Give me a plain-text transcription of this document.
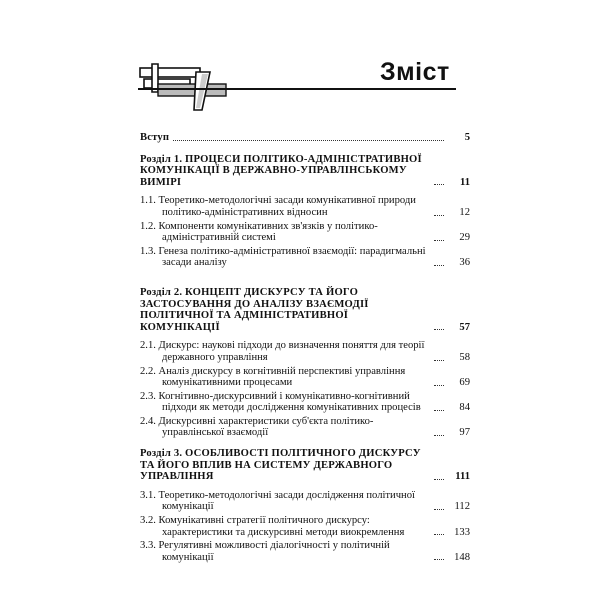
Зміст
Вступ	5
Розділ 1. ПРОЦЕСИ ПОЛІТИКО-АДМІНІСТРАТИВНОЇ КОМУНІКАЦІЇ В ДЕРЖАВНО-УПРАВЛІНСЬКОМУ ВИМІРІ	11
1.1. Теоретико-методологічні засади комунікативної природи політико-адміністративних відносин	12
1.2. Компоненти комунікативних зв'язків у політико-адміністративній системі	29
1.3. Генеза політико-адміністративної взаємодії: парадигмальні засади аналізу	36
Розділ 2. КОНЦЕПТ ДИСКУРСУ ТА ЙОГО ЗАСТОСУВАННЯ ДО АНАЛІЗУ ВЗАЄМОДІЇ ПОЛІТИЧНОЇ ТА АДМІНІСТРАТИВНОЇ КОМУНІКАЦІЇ	57
2.1. Дискурс: наукові підходи до визначення поняття для теорії державного управління	58
2.2. Аналіз дискурсу в когнітивній перспективі управління комунікативними процесами	69
2.3. Когнітивно-дискурсивний і комунікативно-когнітивний підходи як методи дослідження комунікативних процесів	84
2.4. Дискурсивні характеристики суб'єкта політико-управлінської взаємодії	97
Розділ 3. ОСОБЛИВОСТІ ПОЛІТИЧНОГО ДИСКУРСУ ТА ЙОГО ВПЛИВ НА СИСТЕМУ ДЕРЖАВНОГО УПРАВЛІННЯ	111
3.1. Теоретико-методологічні засади дослідження політичної комунікації	112
3.2. Комунікативні стратегії політичного дискурсу: характеристики та дискурсивні методи виокремлення	133
3.3. Регулятивні можливості діалогічності у політичній комунікації	148
